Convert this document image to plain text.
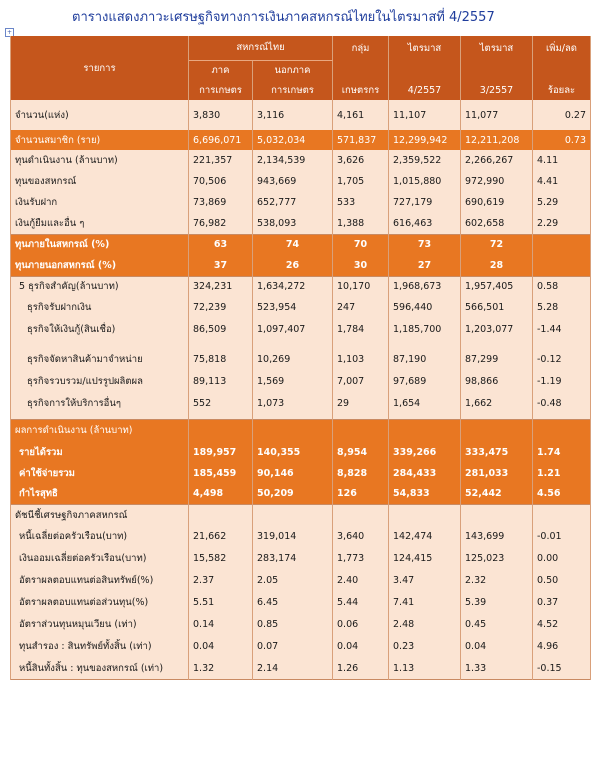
ตารางแสดงภาวะเศรษฐกิจทางการเงินภาคสหกรณ์ไทยในไตรมาสที่ 4/2557
+
รายการ	สหกรณ์ไทย		กลุ่ม	ไตรมาส	ไตรมาส	เพิ่ม/ลด
	ภาค	นอกภาค				
	การเกษตร	การเกษตร	เกษตรกร	4/2557	3/2557	ร้อยละ

จำนวน(แห่ง)	3,830	3,116	4,161	11,107	11,077	0.27

จำนวนสมาชิก (ราย)	6,696,071	5,032,034	571,837	12,299,942	12,211,208	0.73
ทุนดำเนินงาน (ล้านบาท)	221,357	2,134,539	3,626	2,359,522	2,266,267	4.11
ทุนของสหกรณ์	70,506	943,669	1,705	1,015,880	972,990	4.41
เงินรับฝาก	73,869	652,777	533	727,179	690,619	5.29
เงินกู้ยืมและอื่น ๆ	76,982	538,093	1,388	616,463	602,658	2.29
ทุนภายในสหกรณ์ (%)	63	74	70	73	72	
ทุนภายนอกสหกรณ์ (%)	37	26	30	27	28	
5 ธุรกิจสำคัญ(ล้านบาท)	324,231	1,634,272	10,170	1,968,673	1,957,405	0.58
ธุรกิจรับฝากเงิน	72,239	523,954	247	596,440	566,501	5.28
ธุรกิจให้เงินกู้(สินเชื่อ)	86,509	1,097,407	1,784	1,185,700	1,203,077	-1.44

ธุรกิจจัดหาสินค้ามาจำหน่าย	75,818	10,269	1,103	87,190	87,299	-0.12
ธุรกิจรวบรวม/แปรรูปผลิตผล	89,113	1,569	7,007	97,689	98,866	-1.19
ธุรกิจการให้บริการอื่นๆ	552	1,073	29	1,654	1,662	-0.48

ผลการดำเนินงาน (ล้านบาท)						
รายได้รวม	189,957	140,355	8,954	339,266	333,475	1.74
ค่าใช้จ่ายรวม	185,459	90,146	8,828	284,433	281,033	1.21
กำไรสุทธิ	4,498	50,209	126	54,833	52,442	4.56
ดัชนีชี้เศรษฐกิจภาคสหกรณ์						
หนี้เฉลี่ยต่อครัวเรือน(บาท)	21,662	319,014	3,640	142,474	143,699	-0.01
เงินออมเฉลี่ยต่อครัวเรือน(บาท)	15,582	283,174	1,773	124,415	125,023	0.00
อัตราผลตอบแทนต่อสินทรัพย์(%)	2.37	2.05	2.40	3.47	2.32	0.50
อัตราผลตอบแทนต่อส่วนทุน(%)	5.51	6.45	5.44	7.41	5.39	0.37
อัตราส่วนทุนหมุนเวียน (เท่า)	0.14	0.85	0.06	2.48	0.45	4.52
ทุนสำรอง : สินทรัพย์ทั้งสิ้น (เท่า)	0.04	0.07	0.04	0.23	0.04	4.96
หนี้สินทั้งสิ้น : ทุนของสหกรณ์ (เท่า)	1.32	2.14	1.26	1.13	1.33	-0.15
